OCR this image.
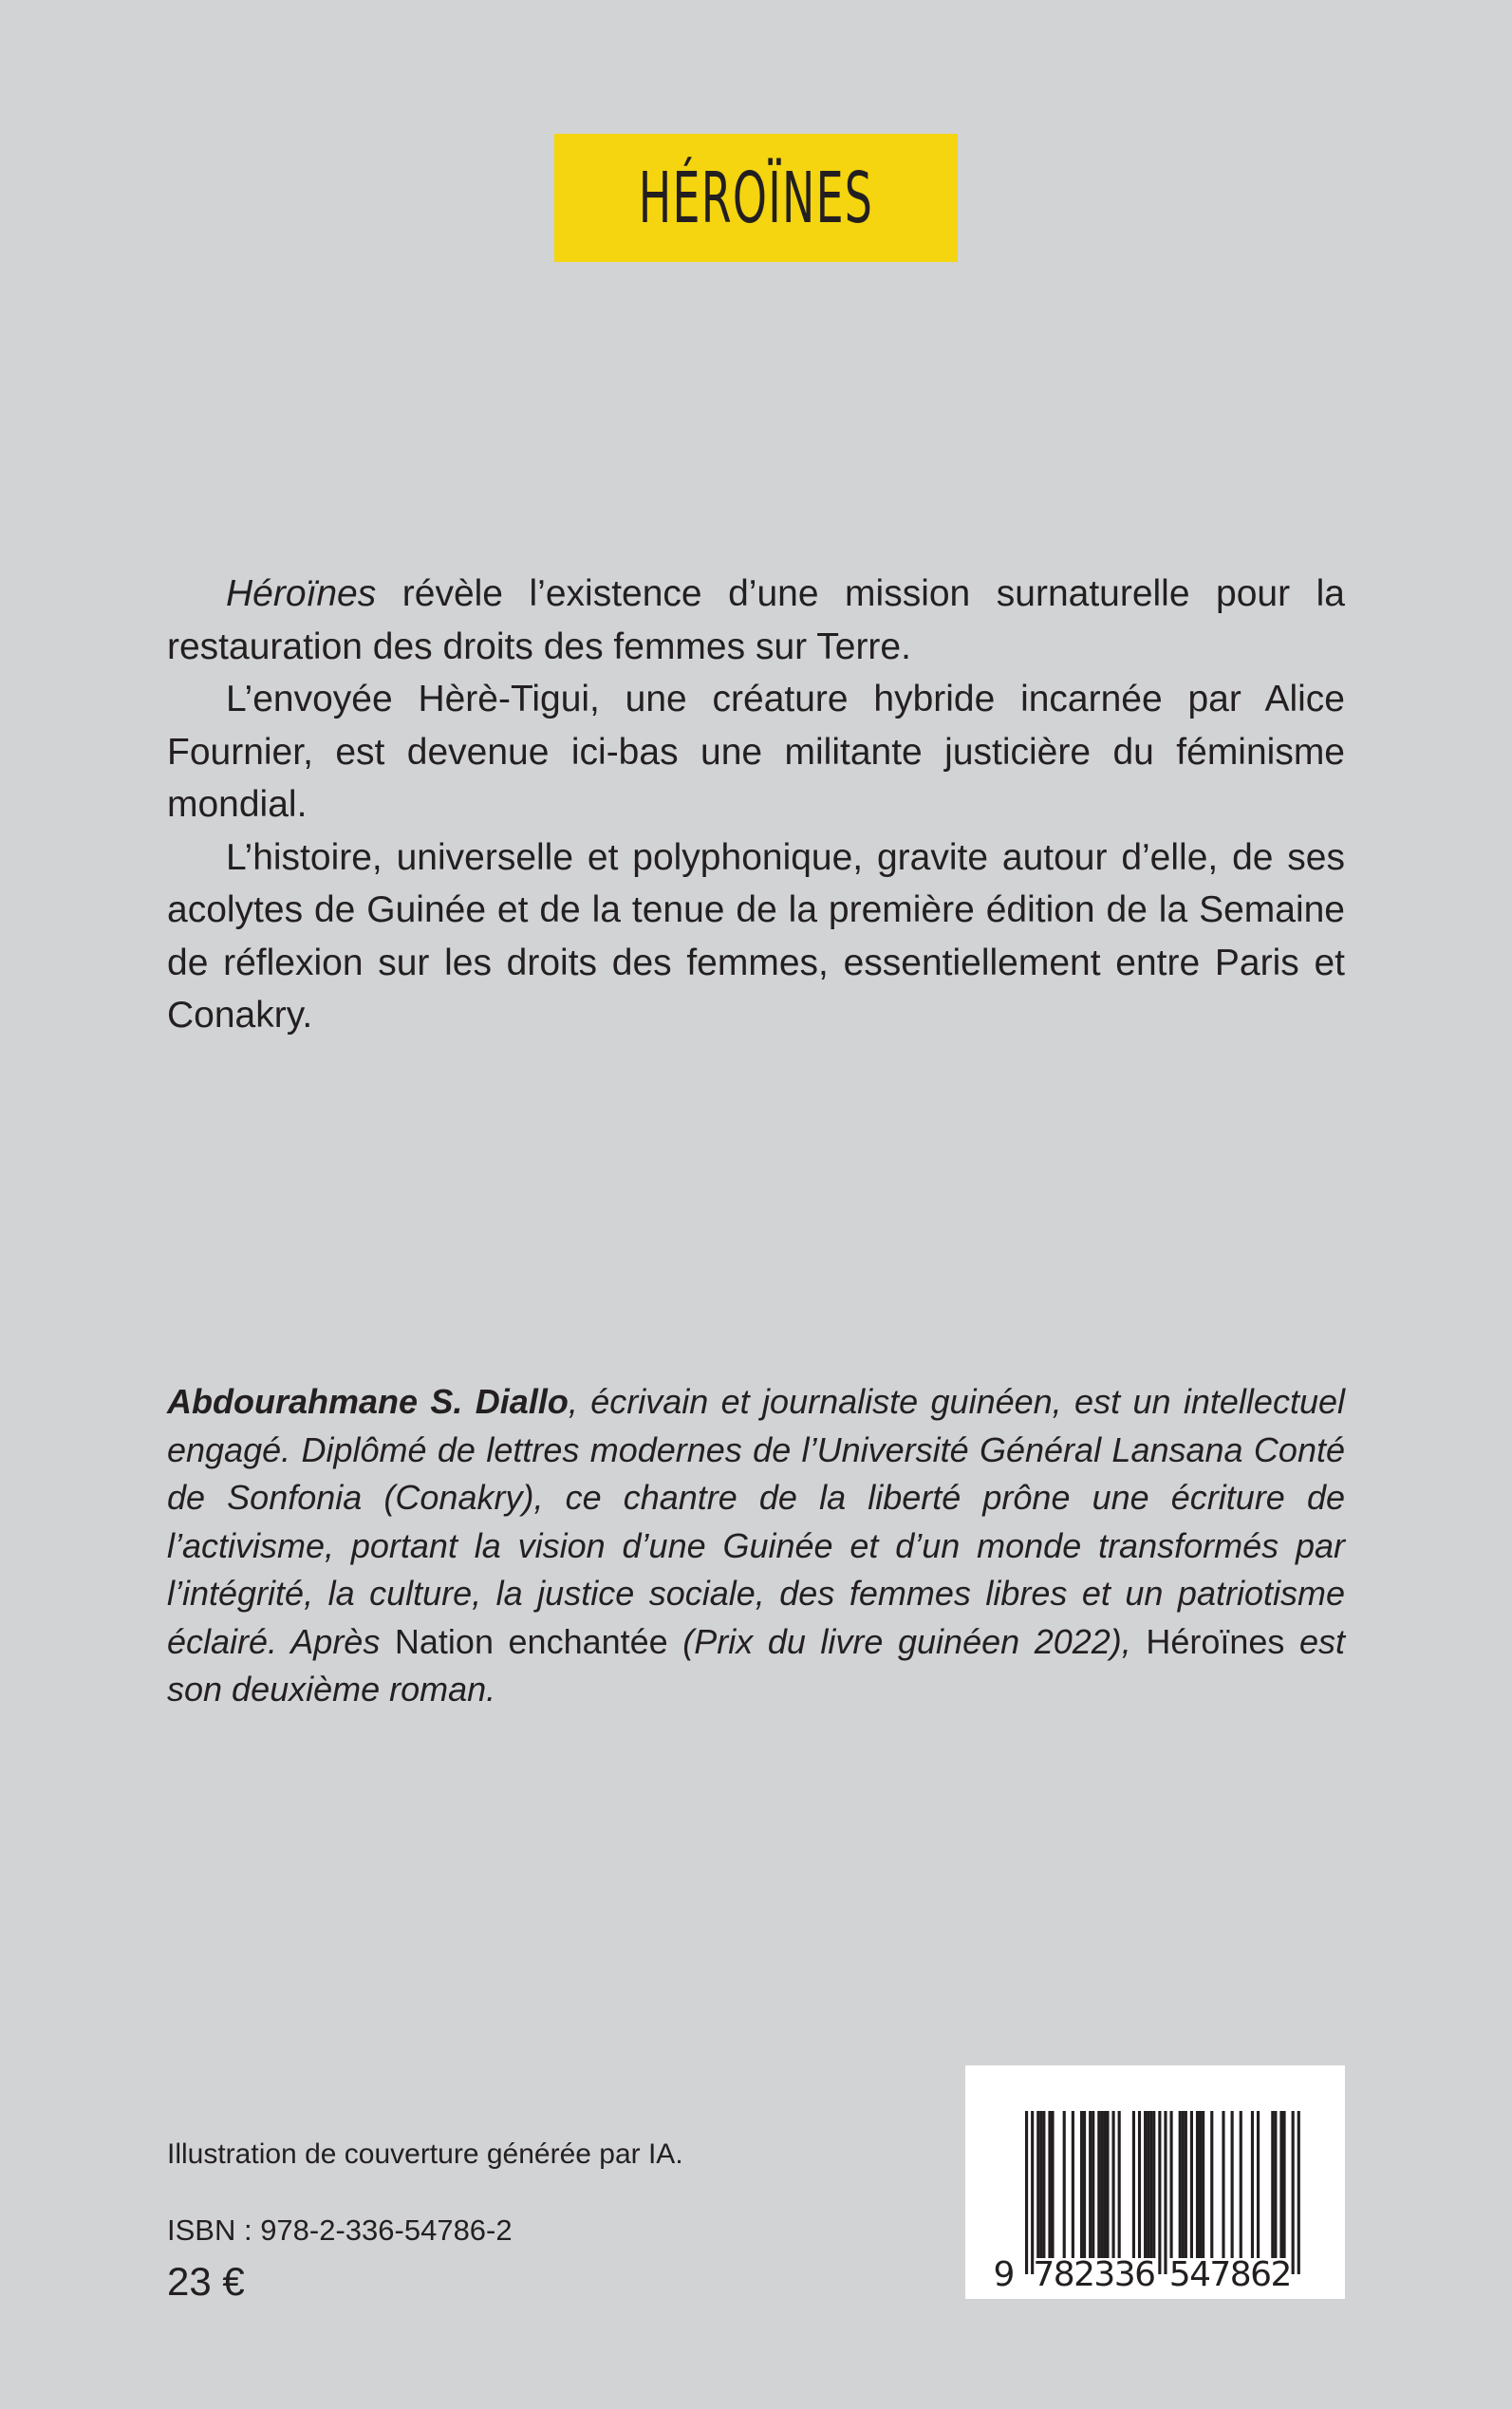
HÉROÏNES

Héroïnes révèle l’existence d’une mission surnaturelle pour la restauration des droits des femmes sur Terre.

L’envoyée Hèrè-Tigui, une créature hybride incarnée par Alice Fournier, est devenue ici-bas une militante justicière du féminisme mondial.

L’histoire, universelle et polyphonique, gravite autour d’elle, de ses acolytes de Guinée et de la tenue de la première édition de la Semaine de réflexion sur les droits des femmes, essentiellement entre Paris et Conakry.

Abdourahmane S. Diallo, écrivain et journaliste guinéen, est un intellectuel engagé. Diplômé de lettres modernes de l’Université Général Lansana Conté de Sonfonia (Conakry), ce chantre de la liberté prône une écriture de l’activisme, portant la vision d’une Guinée et d’un monde transformés par l’intégrité, la culture, la justice sociale, des femmes libres et un patriotisme éclairé. Après Nation enchantée (Prix du livre guinéen 2022), Héroïnes est son deuxième roman.
Illustration de couverture générée par IA.
ISBN : 978-2-336-54786-2
23 €	9 7
8
2
3
3
6 5
4
7
8
6
2
